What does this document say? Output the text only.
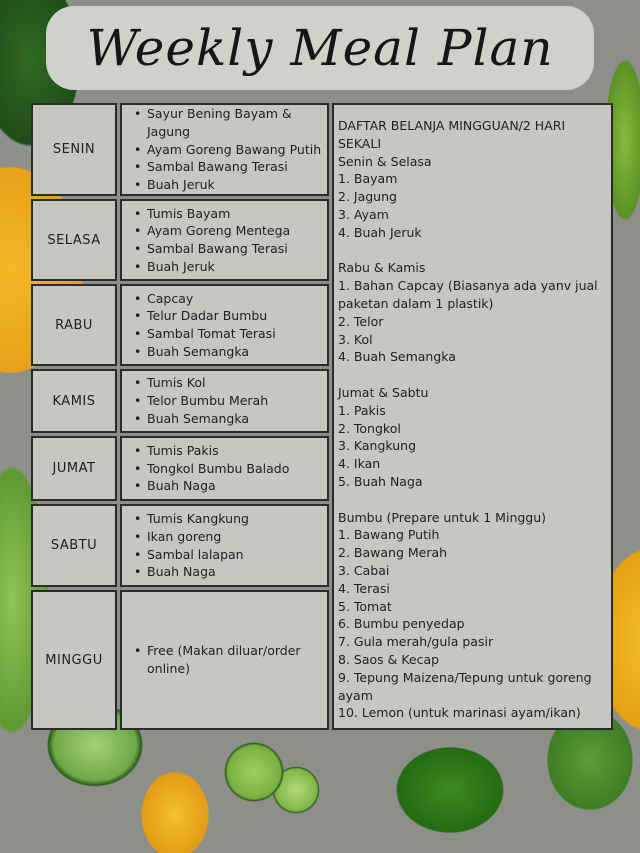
Weekly Meal Plan
SENIN
SELASA
RABU
KAMIS
JUMAT
SABTU
MINGGU
• Sayur Bening Bayam & Jagung
• Ayam Goreng Bawang Putih
• Sambal Bawang Terasi
• Buah Jeruk
• Tumis Bayam
• Ayam Goreng Mentega
• Sambal Bawang Terasi
• Buah Jeruk
• Capcay
• Telur Dadar Bumbu
• Sambal Tomat Terasi
• Buah Semangka
• Tumis Kol
• Telor Bumbu Merah
• Buah Semangka
• Tumis Pakis
• Tongkol Bumbu Balado
• Buah Naga
• Tumis Kangkung
• Ikan goreng
• Sambal lalapan
• Buah Naga
• Free (Makan diluar/order online)
DAFTAR BELANJA MINGGUAN/2 HARI
SEKALI
Senin & Selasa
1. Bayam
2. Jagung
3. Ayam
4. Buah Jeruk
Rabu & Kamis
1. Bahan Capcay (Biasanya ada yanv jual
paketan dalam 1 plastik)
2. Telor
3. Kol
4. Buah Semangka
Jumat & Sabtu
1. Pakis
2. Tongkol
3. Kangkung
4. Ikan
5. Buah Naga
Bumbu (Prepare untuk 1 Minggu)
1. Bawang Putih
2. Bawang Merah
3. Cabai
4. Terasi
5. Tomat
6. Bumbu penyedap
7. Gula merah/gula pasir
8. Saos & Kecap
9. Tepung Maizena/Tepung untuk goreng
ayam
10. Lemon (untuk marinasi ayam/ikan)
